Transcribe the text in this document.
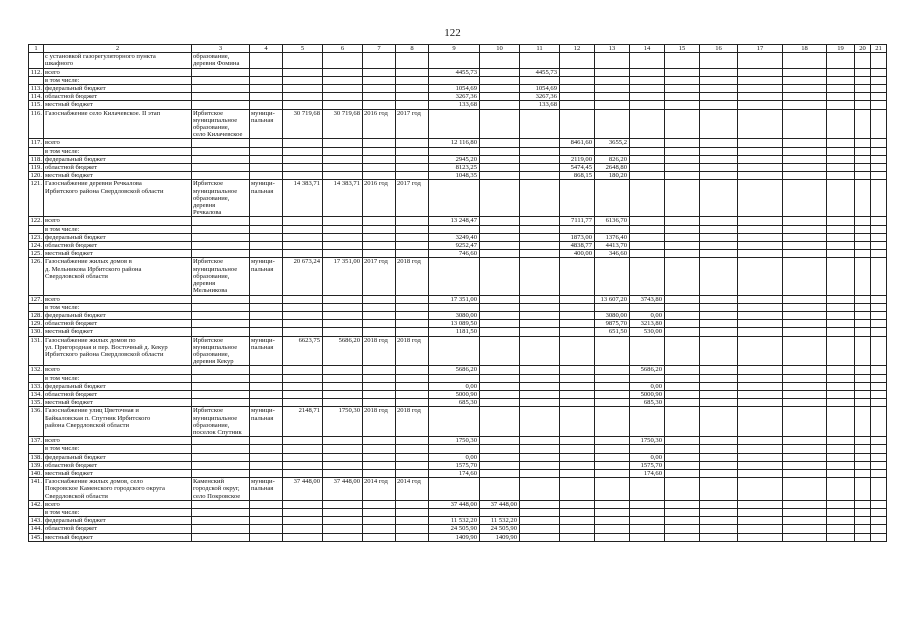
122
1	2	3	4	5	6	7	8	9	10	11	12	13	14	15	16	17	18	19	20	21
	с установкой газорегуляторного пункта
шкафного	образование,
деревня Фомина																		
112.	всего							4455,73		4455,73										
	в том числе:																			
113.	федеральный бюджет							1054,69		1054,69										
114.	областной бюджет							3267,36		3267,36										
115.	местный бюджет							133,68		133,68										
116.	Газоснабжение село Килачевское. II этап	Ирбитское
муниципальное
образование,
село Килачевское	муници-
пальная	30 719,68	30 719,68	2016 год	2017 год													
117.	всего							12 116,80			8461,60	3655,2								
	в том числе:																			
118.	федеральный бюджет							2945,20			2119,00	826,20								
119.	областной бюджет							8123,25			5474,45	2648,80								
120.	местный бюджет							1048,35			868,15	180,20								
121.	Газоснабжение деревни Речкалова
Ирбитского района Свердловской области	Ирбитское
муниципальное
образование,
деревня
Речкалова	муници-
пальная	14 383,71	14 383,71	2016 год	2017 год													
122.	всего							13 248,47			7111,77	6136,70								
	в том числе:																			
123.	федеральный бюджет							3249,40			1873,00	1376,40								
124.	областной бюджет							9252,47			4838,77	4413,70								
125.	местный бюджет							746,60			400,00	346,60								
126.	Газоснабжение жилых домов в
д. Мельникова Ирбитского района
Свердловской области	Ирбитское
муниципальное
образование,
деревня
Мельникова	муници-
пальная	20 673,24	17 351,00	2017 год	2018 год													
127.	всего							17 351,00				13 607,20	3743,80							
	в том числе:																			
128.	федеральный бюджет							3080,00				3080,00	0,00							
129.	областной бюджет							13 089,50				9875,70	3213,80							
130.	местный бюджет							1181,50				651,50	530,00							
131.	Газоснабжение жилых домов по
ул. Пригородная и пер. Восточный д. Кекур
Ирбитского района Свердловской области	Ирбитское
муниципальное
образование,
деревня Кекур	муници-
пальная	6623,75	5686,20	2018 год	2018 год													
132.	всего							5686,20					5686,20							
	в том числе:																			
133.	федеральный бюджет							0,00					0,00							
134.	областной бюджет							5000,90					5000,90							
135.	местный бюджет							685,30					685,30							
136.	Газоснабжение улиц Цветочная и
Байкаловская п. Спутник Ирбитского
района Свердловской области	Ирбитское
муниципальное
образование,
поселок Спутник	муници-
пальная	2148,71	1750,30	2018 год	2018 год													
137.	всего							1750,30					1750,30							
	в том числе:																			
138.	федеральный бюджет							0,00					0,00							
139.	областной бюджет							1575,70					1575,70							
140.	местный бюджет							174,60					174,60							
141.	Газоснабжение жилых домов, село
Покровское Каменского городского округа
Свердловской области	Каменский
городской округ,
село Покровское	муници-
пальная	37 448,00	37 448,00	2014 год	2014 год													
142.	всего							37 448,00	37 448,00											
	в том числе:																			
143.	федеральный бюджет							11 532,20	11 532,20											
144.	областной бюджет							24 505,90	24 505,90											
145.	местный бюджет							1409,90	1409,90											
